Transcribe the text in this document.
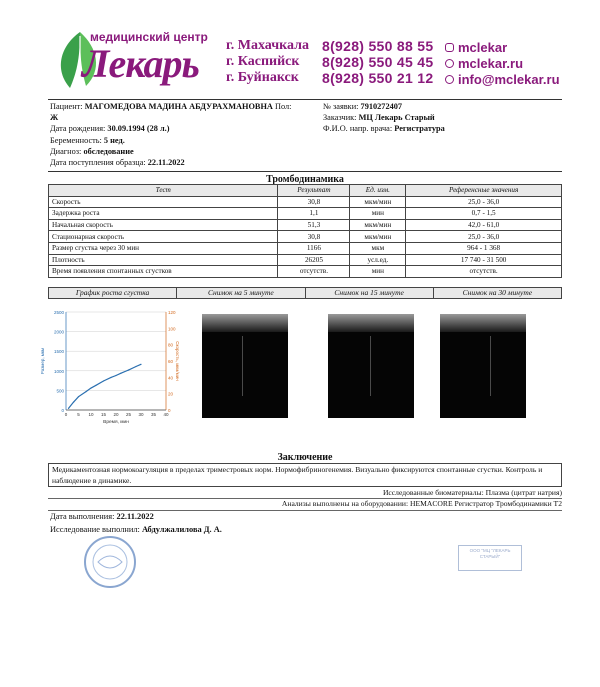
медицинский центр
Лекарь г. Махачкала
г. Каспийск
г. Буйнакск
8(928) 550 88 55
8(928) 550 45 45
8(928) 550 21 12
mclekar
mclekar.ru
info@mclekar.ru
Пациент: МАГОМЕДОВА МАДИНА АБДУРАХМАНОВНА Пол:
Ж
Дата рождения: 30.09.1994 (28 л.)
Беременность: 5 нед.
Диагноз: обследование
Дата поступления образца: 22.11.2022
№ заявки: 7910272407
Заказчик: МЦ Лекарь Старый
Ф.И.О. напр. врача: Регистратура
Тромбодинамика
Тест	Результат	Ед. изм.	Референсные значения
Скорость	30,8	мкм/мин	25,0 - 36,0
Задержка роста	1,1	мин	0,7 - 1,5
Начальная скорость	51,3	мкм/мин	42,0 - 61,0
Стационарная скорость	30,8	мкм/мин	25,0 - 36,0
Размер сгустка через 30 мин	1166	мкм	964 - 1 368
Плотность	26205	усл.ед.	17 740 - 31 500
Время появления спонтанных сгустков	отсутств.	мин	отсутств.
График роста сгустка	Снимок на 5 минуте	Снимок на 15 минуте	Снимок на 30 минуте
0
500
1000
1500
2000
2500
0
20
40
60
80
100
120
0 5 10 15 20 25 30 35 40
Время, мин
Размер, мкм	Скорость, мкм/мин
Заключение
Медикаментозная нормокоагуляция в пределах триместровых норм. Нормофибриногенемия. Визуально фиксируются спонтанные сгустки. Контроль и наблюдение в динамике.
Исследованные биоматериалы: Плазма (цитрат натрия)
Анализы выполнены на оборудовании: HEMACORE Регистратор Тромбодинамики Т2
Дата выполнения: 22.11.2022
Исследование выполнил: Абдулжалилова Д. А.
ООО "МЦ "ЛЕКАРЬ СТАРЫЙ"
